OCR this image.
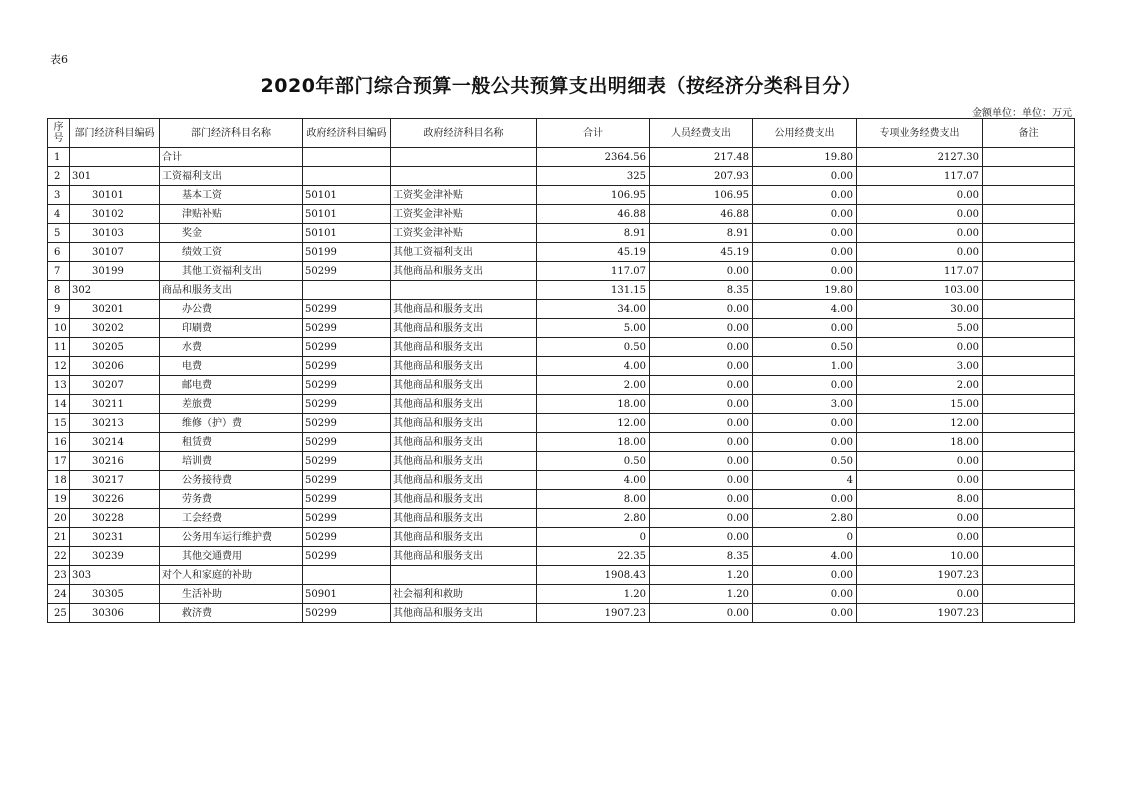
表6
2020年部门综合预算一般公共预算支出明细表（按经济分类科目分）
金额单位：单位：万元
序号	部门经济科目编码	部门经济科目名称	政府经济科目编码	政府经济科目名称	合计	人员经费支出	公用经费支出	专项业务经费支出	备注
1		合计			2364.56	217.48	19.80	2127.30	
2	301	工资福利支出			325	207.93	0.00	117.07	
3	30101	基本工资	50101	工资奖金津补贴	106.95	106.95	0.00	0.00	
4	30102	津贴补贴	50101	工资奖金津补贴	46.88	46.88	0.00	0.00	
5	30103	奖金	50101	工资奖金津补贴	8.91	8.91	0.00	0.00	
6	30107	绩效工资	50199	其他工资福利支出	45.19	45.19	0.00	0.00	
7	30199	其他工资福利支出	50299	其他商品和服务支出	117.07	0.00	0.00	117.07	
8	302	商品和服务支出			131.15	8.35	19.80	103.00	
9	30201	办公费	50299	其他商品和服务支出	34.00	0.00	4.00	30.00	
10	30202	印刷费	50299	其他商品和服务支出	5.00	0.00	0.00	5.00	
11	30205	水费	50299	其他商品和服务支出	0.50	0.00	0.50	0.00	
12	30206	电费	50299	其他商品和服务支出	4.00	0.00	1.00	3.00	
13	30207	邮电费	50299	其他商品和服务支出	2.00	0.00	0.00	2.00	
14	30211	差旅费	50299	其他商品和服务支出	18.00	0.00	3.00	15.00	
15	30213	维修（护）费	50299	其他商品和服务支出	12.00	0.00	0.00	12.00	
16	30214	租赁费	50299	其他商品和服务支出	18.00	0.00	0.00	18.00	
17	30216	培训费	50299	其他商品和服务支出	0.50	0.00	0.50	0.00	
18	30217	公务接待费	50299	其他商品和服务支出	4.00	0.00	4	0.00	
19	30226	劳务费	50299	其他商品和服务支出	8.00	0.00	0.00	8.00	
20	30228	工会经费	50299	其他商品和服务支出	2.80	0.00	2.80	0.00	
21	30231	公务用车运行维护费	50299	其他商品和服务支出	0	0.00	0	0.00	
22	30239	其他交通费用	50299	其他商品和服务支出	22.35	8.35	4.00	10.00	
23	303	对个人和家庭的补助			1908.43	1.20	0.00	1907.23	
24	30305	生活补助	50901	社会福利和救助	1.20	1.20	0.00	0.00	
25	30306	救济费	50299	其他商品和服务支出	1907.23	0.00	0.00	1907.23	
